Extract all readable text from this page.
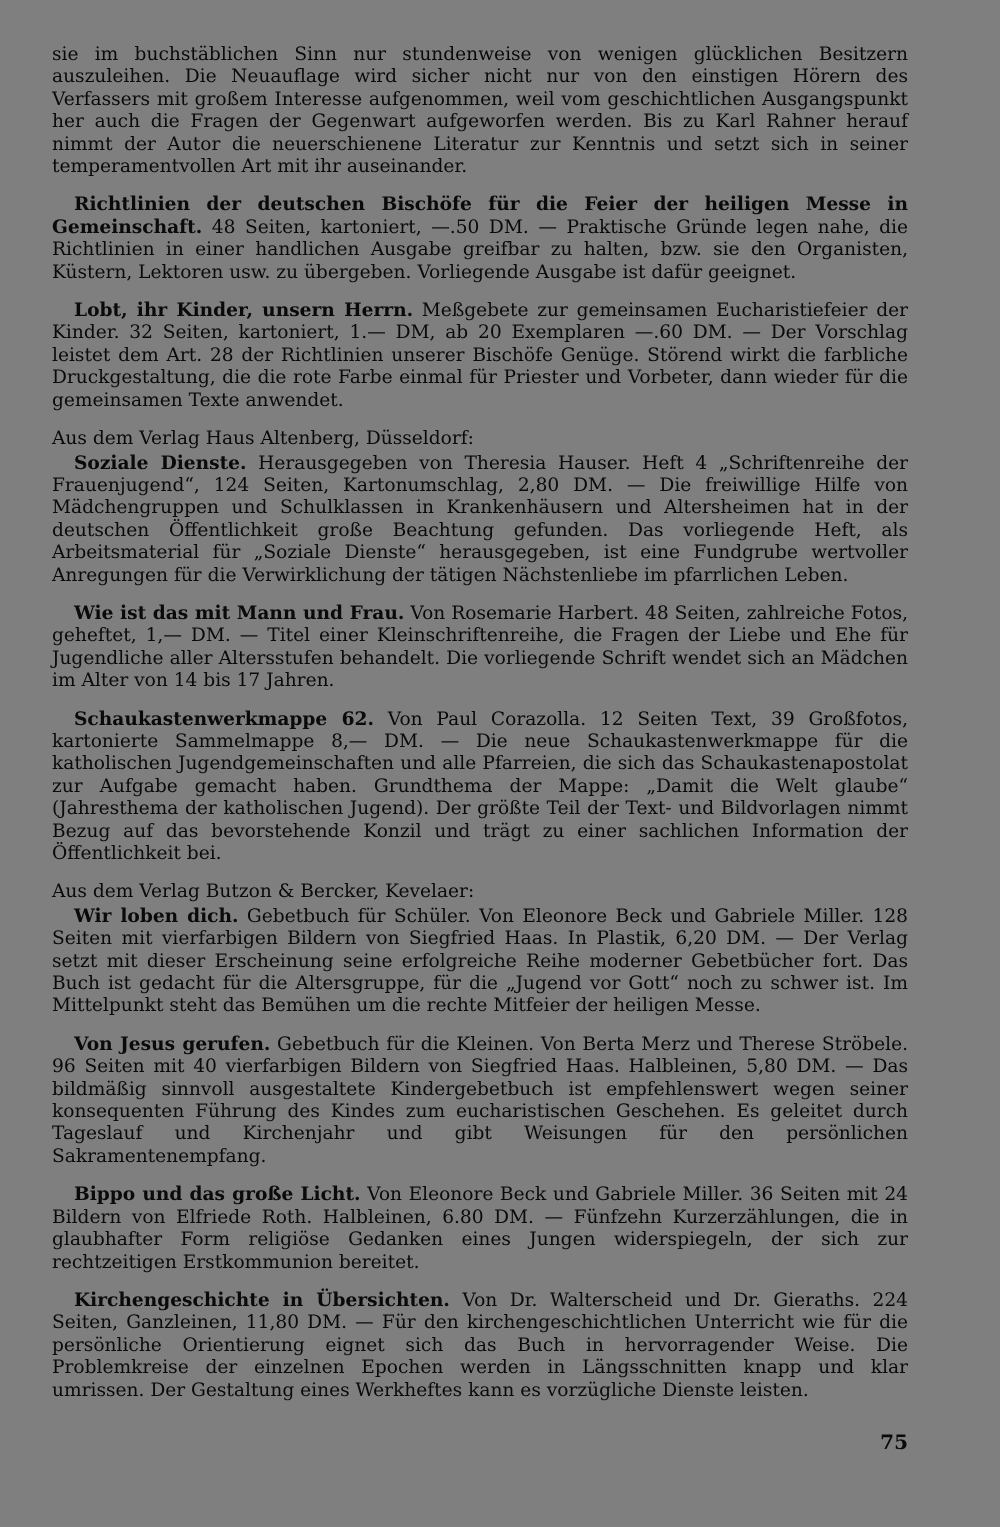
sie im buchstäblichen Sinn nur stundenweise von wenigen glücklichen Besitzern auszuleihen. Die Neuauflage wird sicher nicht nur von den einstigen Hörern des Verfassers mit großem Interesse aufgenommen, weil vom geschichtlichen Ausgangspunkt her auch die Fragen der Gegenwart aufgeworfen werden. Bis zu Karl Rahner herauf nimmt der Autor die neuerschienene Literatur zur Kenntnis und setzt sich in seiner temperamentvollen Art mit ihr auseinander.

Richtlinien der deutschen Bischöfe für die Feier der heiligen Messe in Gemeinschaft. 48 Seiten, kartoniert, —.50 DM. — Praktische Gründe legen nahe, die Richtlinien in einer handlichen Ausgabe greifbar zu halten, bzw. sie den Organisten, Küstern, Lektoren usw. zu übergeben. Vorliegende Ausgabe ist dafür geeignet.

Lobt, ihr Kinder, unsern Herrn. Meßgebete zur gemeinsamen Eucharistiefeier der Kinder. 32 Seiten, kartoniert, 1.— DM, ab 20 Exemplaren —.60 DM. — Der Vorschlag leistet dem Art. 28 der Richtlinien unserer Bischöfe Genüge. Störend wirkt die farbliche Druckgestaltung, die die rote Farbe einmal für Priester und Vorbeter, dann wieder für die gemeinsamen Texte anwendet.

Aus dem Verlag Haus Altenberg, Düsseldorf:

Soziale Dienste. Herausgegeben von Theresia Hauser. Heft 4 „Schriftenreihe der Frauenjugend“, 124 Seiten, Kartonumschlag, 2,80 DM. — Die freiwillige Hilfe von Mädchengruppen und Schulklassen in Krankenhäusern und Altersheimen hat in der deutschen Öffentlichkeit große Beachtung gefunden. Das vorliegende Heft, als Arbeitsmaterial für „Soziale Dienste“ herausgegeben, ist eine Fundgrube wertvoller Anregungen für die Verwirklichung der tätigen Nächstenliebe im pfarrlichen Leben.

Wie ist das mit Mann und Frau. Von Rosemarie Harbert. 48 Seiten, zahlreiche Fotos, geheftet, 1,— DM. — Titel einer Kleinschriftenreihe, die Fragen der Liebe und Ehe für Jugendliche aller Altersstufen behandelt. Die vorliegende Schrift wendet sich an Mädchen im Alter von 14 bis 17 Jahren.

Schaukastenwerkmappe 62. Von Paul Corazolla. 12 Seiten Text, 39 Großfotos, kartonierte Sammelmappe 8,— DM. — Die neue Schaukastenwerkmappe für die katholischen Jugendgemeinschaften und alle Pfarreien, die sich das Schaukastenapostolat zur Aufgabe gemacht haben. Grundthema der Mappe: „Damit die Welt glaube“ (Jahresthema der katholischen Jugend). Der größte Teil der Text- und Bildvorlagen nimmt Bezug auf das bevorstehende Konzil und trägt zu einer sachlichen Information der Öffentlichkeit bei.

Aus dem Verlag Butzon & Bercker, Kevelaer:

Wir loben dich. Gebetbuch für Schüler. Von Eleonore Beck und Gabriele Miller. 128 Seiten mit vierfarbigen Bildern von Siegfried Haas. In Plastik, 6,20 DM. — Der Verlag setzt mit dieser Erscheinung seine erfolgreiche Reihe moderner Gebetbücher fort. Das Buch ist gedacht für die Altersgruppe, für die „Jugend vor Gott“ noch zu schwer ist. Im Mittelpunkt steht das Bemühen um die rechte Mitfeier der heiligen Messe.

Von Jesus gerufen. Gebetbuch für die Kleinen. Von Berta Merz und Therese Ströbele. 96 Seiten mit 40 vierfarbigen Bildern von Siegfried Haas. Halbleinen, 5,80 DM. — Das bildmäßig sinnvoll ausgestaltete Kindergebetbuch ist empfehlenswert wegen seiner konsequenten Führung des Kindes zum eucharistischen Geschehen. Es geleitet durch Tageslauf und Kirchenjahr und gibt Weisungen für den persönlichen Sakramentenempfang.

Bippo und das große Licht. Von Eleonore Beck und Gabriele Miller. 36 Seiten mit 24 Bildern von Elfriede Roth. Halbleinen, 6.80 DM. — Fünfzehn Kurzerzählungen, die in glaubhafter Form religiöse Gedanken eines Jungen widerspiegeln, der sich zur rechtzeitigen Erstkommunion bereitet.

Kirchengeschichte in Übersichten. Von Dr. Walterscheid und Dr. Gieraths. 224 Seiten, Ganzleinen, 11,80 DM. — Für den kirchengeschichtlichen Unterricht wie für die persönliche Orientierung eignet sich das Buch in hervorragender Weise. Die Problemkreise der einzelnen Epochen werden in Längsschnitten knapp und klar umrissen. Der Gestaltung eines Werkheftes kann es vorzügliche Dienste leisten.

75
